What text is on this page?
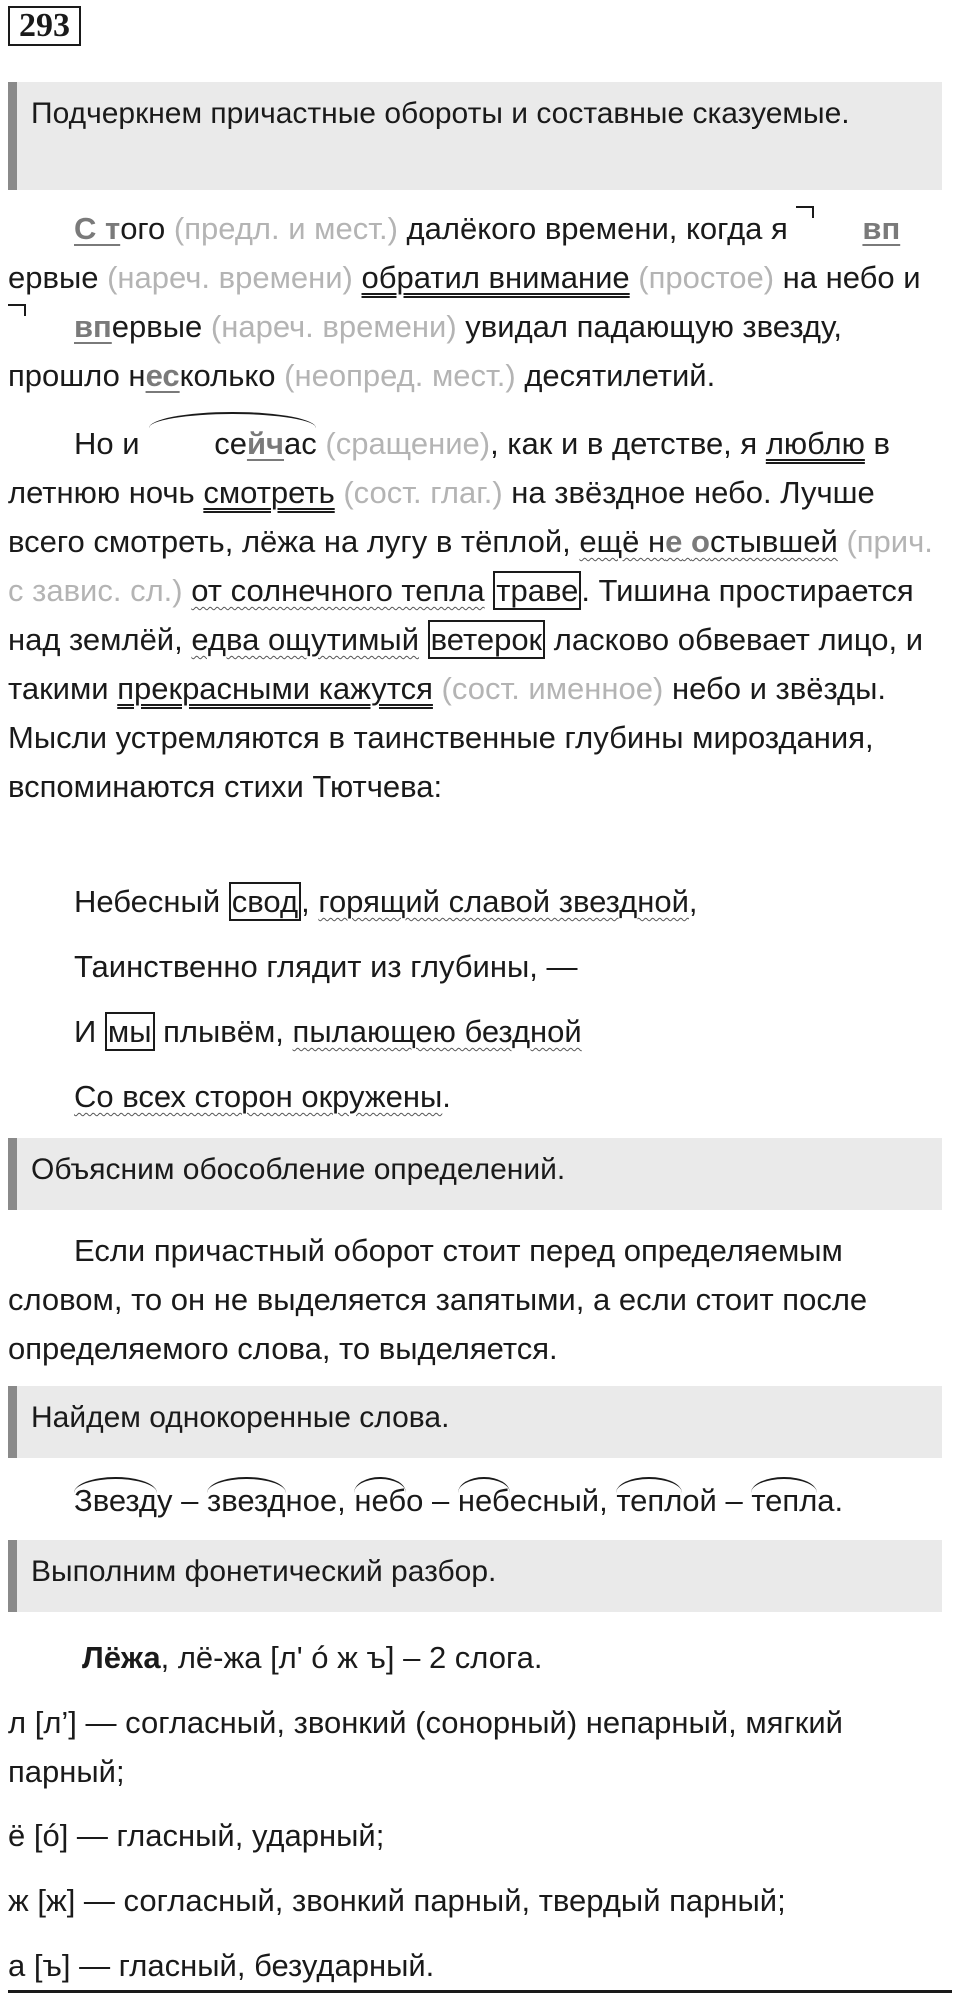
293
Подчеркнем причастные обороты и составные сказуемые.
С того (предл. и мест.) далёкого времени, когда я впервые (нареч. времени) обратил внимание (простое) на небо и впервые (нареч. времени) увидал падающую звезду, прошло несколько (неопред. мест.) десятилетий.
Но и сейчас (сращение), как и в детстве, я люблю в летнюю ночь смотреть (сост. глаг.) на звёздное небо. Лучше всего смотреть, лёжа на лугу в тёплой, ещё не остывшей (прич. с завис. сл.) от солнечного тепла траве. Тишина простирается над землёй, едва ощутимый ветерок ласково обвевает лицо, и такими прекрасными кажутся (сост. именное) небо и звёзды. Мысли устремляются в таинственные глубины мироздания, вспоминаются стихи Тютчева:
Небесный свод, горящий славой звездной,
Таинственно глядит из глубины, —
И мы плывём, пылающею бездной
Со всех сторон окружены.
Объясним обособление определений.
Если причастный оборот стоит перед определяемым словом, то он не выделяется запятыми, а если стоит после определяемого слова, то выделяется.
Найдем однокоренные слова.
Звезду – звездное, небо – небесный, теплой – тепла.
Выполним фонетический разбор.
Лёжа, лё-жа [л' ó ж ъ] – 2 слога.
л [л’] — согласный, звонкий (сонорный) непарный, мягкий парный;
ё [ó] — гласный, ударный;
ж [ж] — согласный, звонкий парный, твердый парный;
а [ъ] — гласный, безударный.
